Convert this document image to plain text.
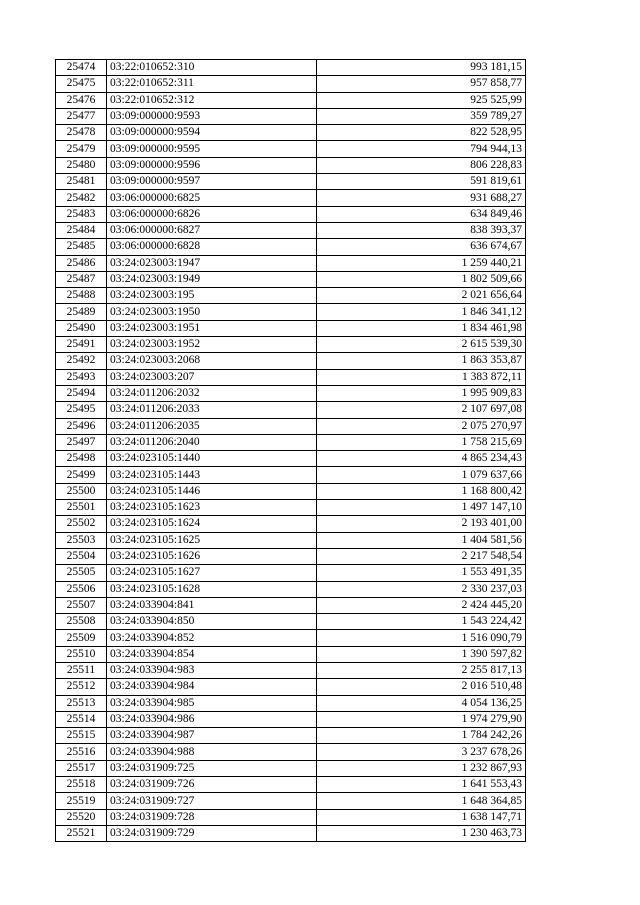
25474	03:22:010652:310	993 181,15
25475	03:22:010652:311	957 858,77
25476	03:22:010652:312	925 525,99
25477	03:09:000000:9593	359 789,27
25478	03:09:000000:9594	822 528,95
25479	03:09:000000:9595	794 944,13
25480	03:09:000000:9596	806 228,83
25481	03:09:000000:9597	591 819,61
25482	03:06:000000:6825	931 688,27
25483	03:06:000000:6826	634 849,46
25484	03:06:000000:6827	838 393,37
25485	03:06:000000:6828	636 674,67
25486	03:24:023003:1947	1 259 440,21
25487	03:24:023003:1949	1 802 509,66
25488	03:24:023003:195	2 021 656,64
25489	03:24:023003:1950	1 846 341,12
25490	03:24:023003:1951	1 834 461,98
25491	03:24:023003:1952	2 615 539,30
25492	03:24:023003:2068	1 863 353,87
25493	03:24:023003:207	1 383 872,11
25494	03:24:011206:2032	1 995 909,83
25495	03:24:011206:2033	2 107 697,08
25496	03:24:011206:2035	2 075 270,97
25497	03:24:011206:2040	1 758 215,69
25498	03:24:023105:1440	4 865 234,43
25499	03:24:023105:1443	1 079 637,66
25500	03:24:023105:1446	1 168 800,42
25501	03:24:023105:1623	1 497 147,10
25502	03:24:023105:1624	2 193 401,00
25503	03:24:023105:1625	1 404 581,56
25504	03:24:023105:1626	2 217 548,54
25505	03:24:023105:1627	1 553 491,35
25506	03:24:023105:1628	2 330 237,03
25507	03:24:033904:841	2 424 445,20
25508	03:24:033904:850	1 543 224,42
25509	03:24:033904:852	1 516 090,79
25510	03:24:033904:854	1 390 597,82
25511	03:24:033904:983	2 255 817,13
25512	03:24:033904:984	2 016 510,48
25513	03:24:033904:985	4 054 136,25
25514	03:24:033904:986	1 974 279,90
25515	03:24:033904:987	1 784 242,26
25516	03:24:033904:988	3 237 678,26
25517	03:24:031909:725	1 232 867,93
25518	03:24:031909:726	1 641 553,43
25519	03:24:031909:727	1 648 364,85
25520	03:24:031909:728	1 638 147,71
25521	03:24:031909:729	1 230 463,73
